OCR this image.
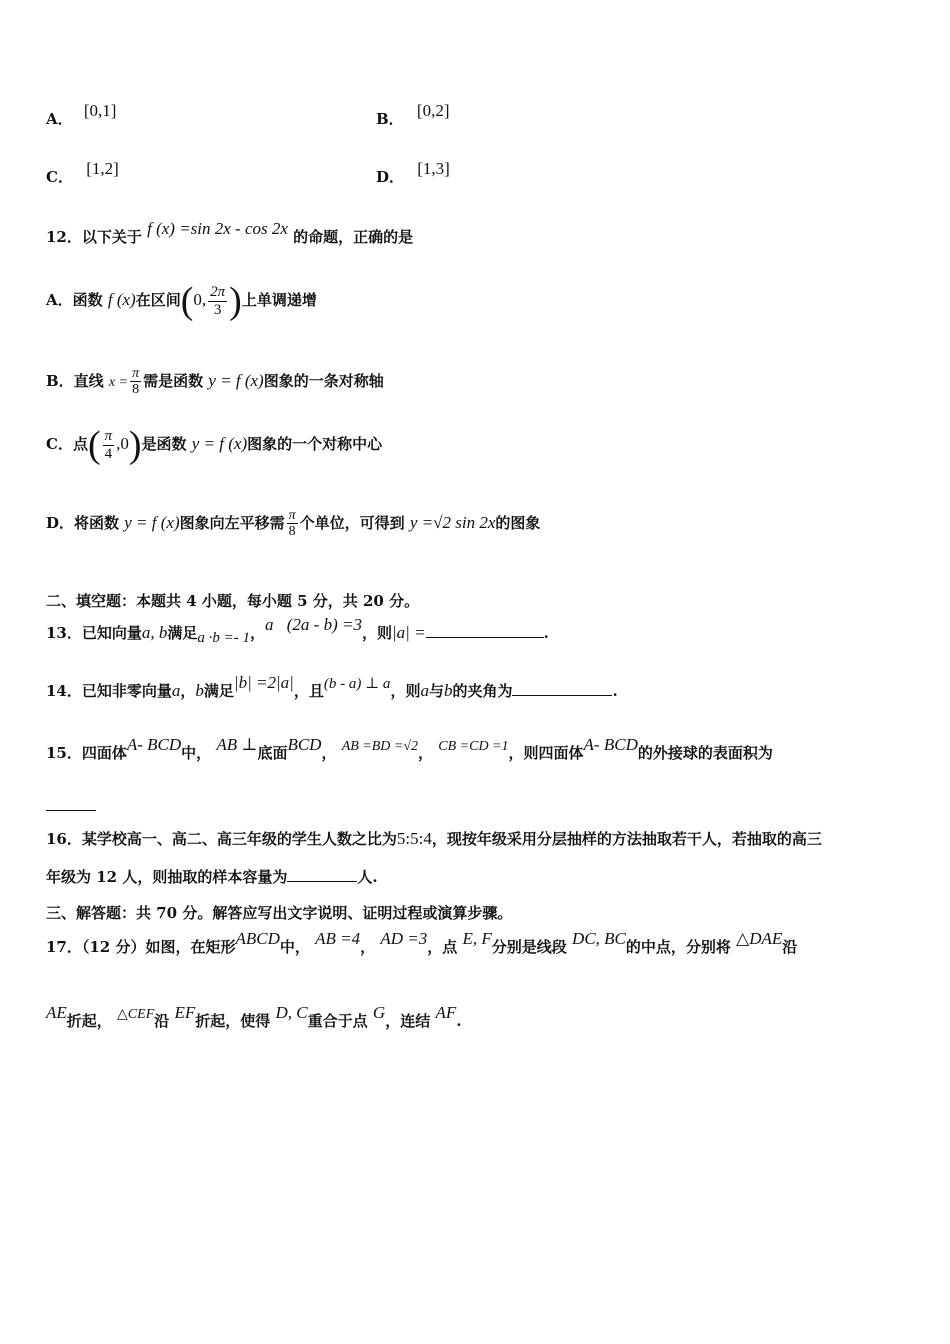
A． [0,1]	B． [0,2]
C． [1,2]	D． [1,3]
12．以下关于 f (x) =sin 2x - cos 2x 的命题，正确的是
A．函数 f (x)在区间(0, $\frac{2\pi}{3}$ )上单调递增
B．直线 $x = \frac{\pi}{8}$ 需是函数 y = f (x)图象的一条对称轴
C．点( $\frac{\pi}{4} ,0$)是函数 y = f (x)图象的一个对称中心
D．将函数 y = f (x)图象向左平移需 $\frac{\pi}{8}$ 个单位，可得到 y =√2 sin 2x的图象
二、填空题：本题共 4 小题，每小题 5 分，共 20 分。
13．已知向量a, b满足a ·b =- 1，a⃞(2a - b) =3，则|a| =	.
14．已知非零向量a，b满足|b| =2|a|，且(b - a) ⊥ a，则a与b的夹角为	.
15．四面体A- BCD中， AB ⊥底面BCD， AB =BD =√2， CB =CD =1，则四面体A- BCD的外接球的表面积为
16．某学校高一、高二、高三年级的学生人数之比为5:5:4，现按年级采用分层抽样的方法抽取若干人，若抽取的高三
年级为 12 人，则抽取的样本容量为	人.
三、解答题：共 70 分。解答应写出文字说明、证明过程或演算步骤。
17．（12 分）如图，在矩形ABCD中， AB =4， AD =3，点 E, F分别是线段 DC, BC的中点，分别将 △DAE沿
AE折起， △CEF沿 EF折起，使得 D, C重合于点 G，连结 AF.
